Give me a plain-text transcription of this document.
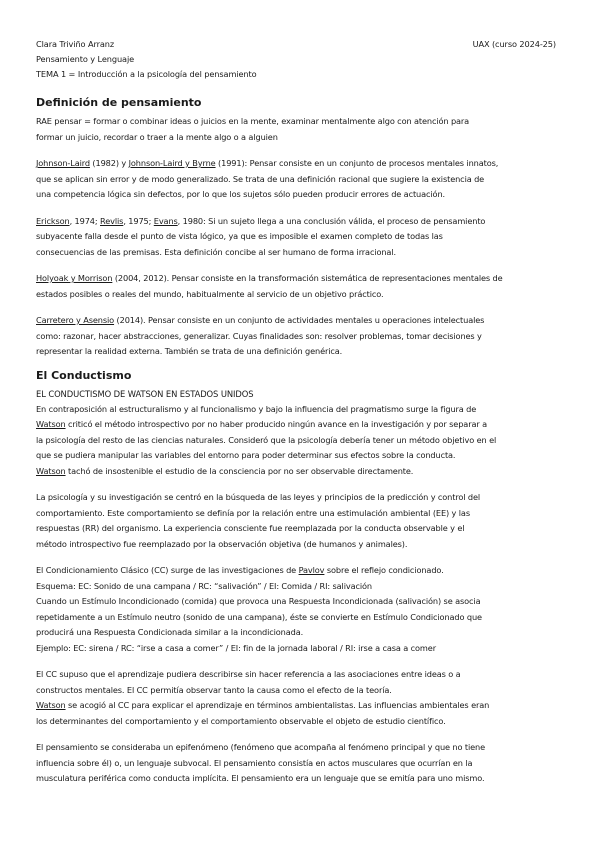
Clara Triviño Arranz	UAX (curso 2024-25)
Pensamiento y Lenguaje
TEMA 1 = Introducción a la psicología del pensamiento
Definición de pensamiento

RAE pensar = formar o combinar ideas o juicios en la mente, examinar mentalmente algo con atención para
formar un juicio, recordar o traer a la mente algo o a alguien

Johnson-Laird (1982) y Johnson-Laird y Byrne (1991): Pensar consiste en un conjunto de procesos mentales innatos,
que se aplican sin error y de modo generalizado. Se trata de una definición racional que sugiere la existencia de
una competencia lógica sin defectos, por lo que los sujetos sólo pueden producir errores de actuación.

Erickson, 1974; Revlis, 1975; Evans, 1980: Si un sujeto llega a una conclusión válida, el proceso de pensamiento
subyacente falla desde el punto de vista lógico, ya que es imposible el examen completo de todas las
consecuencias de las premisas. Esta definición concibe al ser humano de forma irracional.

Holyoak y Morrison (2004, 2012). Pensar consiste en la transformación sistemática de representaciones mentales de
estados posibles o reales del mundo, habitualmente al servicio de un objetivo práctico.

Carretero y Asensio (2014). Pensar consiste en un conjunto de actividades mentales u operaciones intelectuales
como: razonar, hacer abstracciones, generalizar. Cuyas finalidades son: resolver problemas, tomar decisiones y
representar la realidad externa. También se trata de una definición genérica.

El Conductismo
EL CONDUCTISMO DE WATSON EN ESTADOS UNIDOS

En contraposición al estructuralismo y al funcionalismo y bajo la influencia del pragmatismo surge la figura de
Watson criticó el método introspectivo por no haber producido ningún avance en la investigación y por separar a
la psicología del resto de las ciencias naturales. Consideró que la psicología debería tener un método objetivo en el
que se pudiera manipular las variables del entorno para poder determinar sus efectos sobre la conducta.
Watson tachó de insostenible el estudio de la consciencia por no ser observable directamente.

La psicología y su investigación se centró en la búsqueda de las leyes y principios de la predicción y control del
comportamiento. Este comportamiento se definía por la relación entre una estimulación ambiental (EE) y las
respuestas (RR) del organismo. La experiencia consciente fue reemplazada por la conducta observable y el
método introspectivo fue reemplazado por la observación objetiva (de humanos y animales).

El Condicionamiento Clásico (CC) surge de las investigaciones de Pavlov sobre el reflejo condicionado.
Esquema: EC: Sonido de una campana / RC: “salivación” / EI: Comida / RI: salivación
Cuando un Estímulo Incondicionado (comida) que provoca una Respuesta Incondicionada (salivación) se asocia
repetidamente a un Estímulo neutro (sonido de una campana), éste se convierte en Estímulo Condicionado que
producirá una Respuesta Condicionada similar a la incondicionada.
Ejemplo: EC: sirena / RC: “irse a casa a comer” / EI: fin de la jornada laboral / RI: irse a casa a comer

El CC supuso que el aprendizaje pudiera describirse sin hacer referencia a las asociaciones entre ideas o a
constructos mentales. El CC permitía observar tanto la causa como el efecto de la teoría.
Watson se acogió al CC para explicar el aprendizaje en términos ambientalistas. Las influencias ambientales eran
los determinantes del comportamiento y el comportamiento observable el objeto de estudio científico.

El pensamiento se consideraba un epifenómeno (fenómeno que acompaña al fenómeno principal y que no tiene
influencia sobre él) o, un lenguaje subvocal. El pensamiento consistía en actos musculares que ocurrían en la
musculatura periférica como conducta implícita. El pensamiento era un lenguaje que se emitía para uno mismo.
